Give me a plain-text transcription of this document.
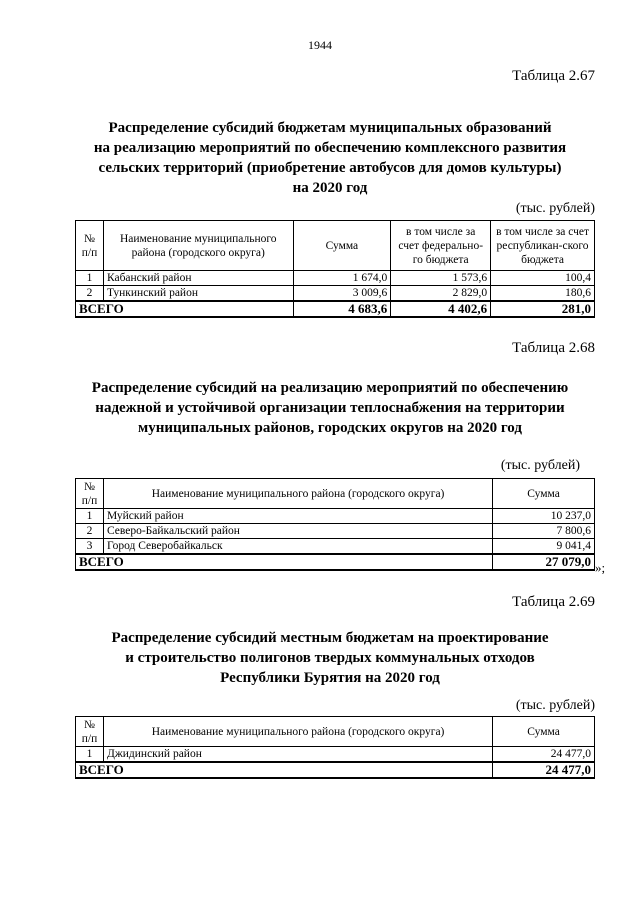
1944
Таблица 2.67
Распределение субсидий бюджетам муниципальных образований
на реализацию мероприятий по обеспечению комплексного развития
сельских территорий (приобретение автобусов для домов культуры)
на 2020 год
(тыс. рублей)
№ п/п	Наименование муниципального района (городского округа)	Сумма	в том числе за счет федерально-го бюджета	в том числе за счет республикан-ского бюджета
1	Кабанский район	1 674,0	1 573,6	100,4
2	Тункинский район	3 009,6	2 829,0	180,6
ВСЕГО		4 683,6	4 402,6	281,0
Таблица 2.68
Распределение субсидий на реализацию мероприятий по обеспечению
надежной и устойчивой организации теплоснабжения на территории
муниципальных районов, городских округов на 2020 год
(тыс. рублей)
№ п/п	Наименование муниципального района (городского округа)	Сумма
1	Муйский район	10 237,0
2	Северо-Байкальский район	7 800,6
3	Город Северобайкальск	9 041,4
ВСЕГО		27 079,0 »;
Таблица 2.69
Распределение субсидий местным бюджетам на проектирование
и строительство полигонов твердых коммунальных отходов
Республики Бурятия на 2020 год
(тыс. рублей)
№ п/п	Наименование муниципального района (городского округа)	Сумма
1	Джидинский район	24 477,0
ВСЕГО		24 477,0
